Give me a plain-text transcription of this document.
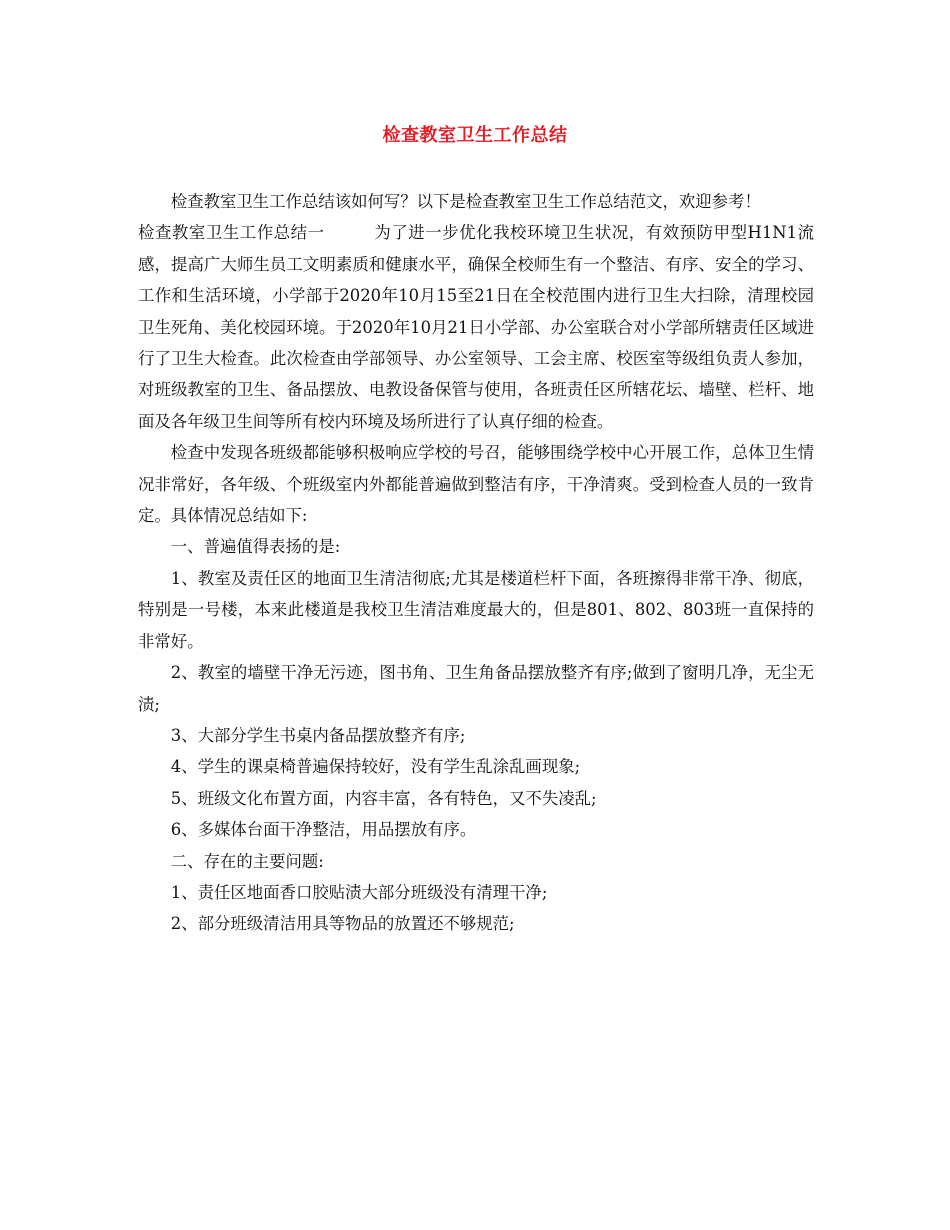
检查教室卫生工作总结

检查教室卫生工作总结该如何写？以下是检查教室卫生工作总结范文，欢迎参考！

检查教室卫生工作总结一	为了进一步优化我校环境卫生状况，有效预防甲型H1N1流感，提高广大师生员工文明素质和健康水平，确保全校师生有一个整洁、有序、安全的学习、工作和生活环境，小学部于2020年10月15至21日在全校范围内进行卫生大扫除，清理校园卫生死角、美化校园环境。于2020年10月21日小学部、办公室联合对小学部所辖责任区域进行了卫生大检查。此次检查由学部领导、办公室领导、工会主席、校医室等级组负责人参加，对班级教室的卫生、备品摆放、电教设备保管与使用，各班责任区所辖花坛、墙壁、栏杆、地面及各年级卫生间等所有校内环境及场所进行了认真仔细的检查。

检查中发现各班级都能够积极响应学校的号召，能够围绕学校中心开展工作，总体卫生情况非常好，各年级、个班级室内外都能普遍做到整洁有序，干净清爽。受到检查人员的一致肯定。具体情况总结如下:

一、普遍值得表扬的是:

1、教室及责任区的地面卫生清洁彻底;尤其是楼道栏杆下面，各班擦得非常干净、彻底，特别是一号楼，本来此楼道是我校卫生清洁难度最大的，但是801、802、803班一直保持的非常好。

2、教室的墙壁干净无污迹，图书角、卫生角备品摆放整齐有序;做到了窗明几净，无尘无渍;

3、大部分学生书桌内备品摆放整齐有序;

4、学生的课桌椅普遍保持较好，没有学生乱涂乱画现象;

5、班级文化布置方面，内容丰富，各有特色，又不失凌乱;

6、多媒体台面干净整洁，用品摆放有序。

二、存在的主要问题:

1、责任区地面香口胶贴渍大部分班级没有清理干净;

2、部分班级清洁用具等物品的放置还不够规范;
